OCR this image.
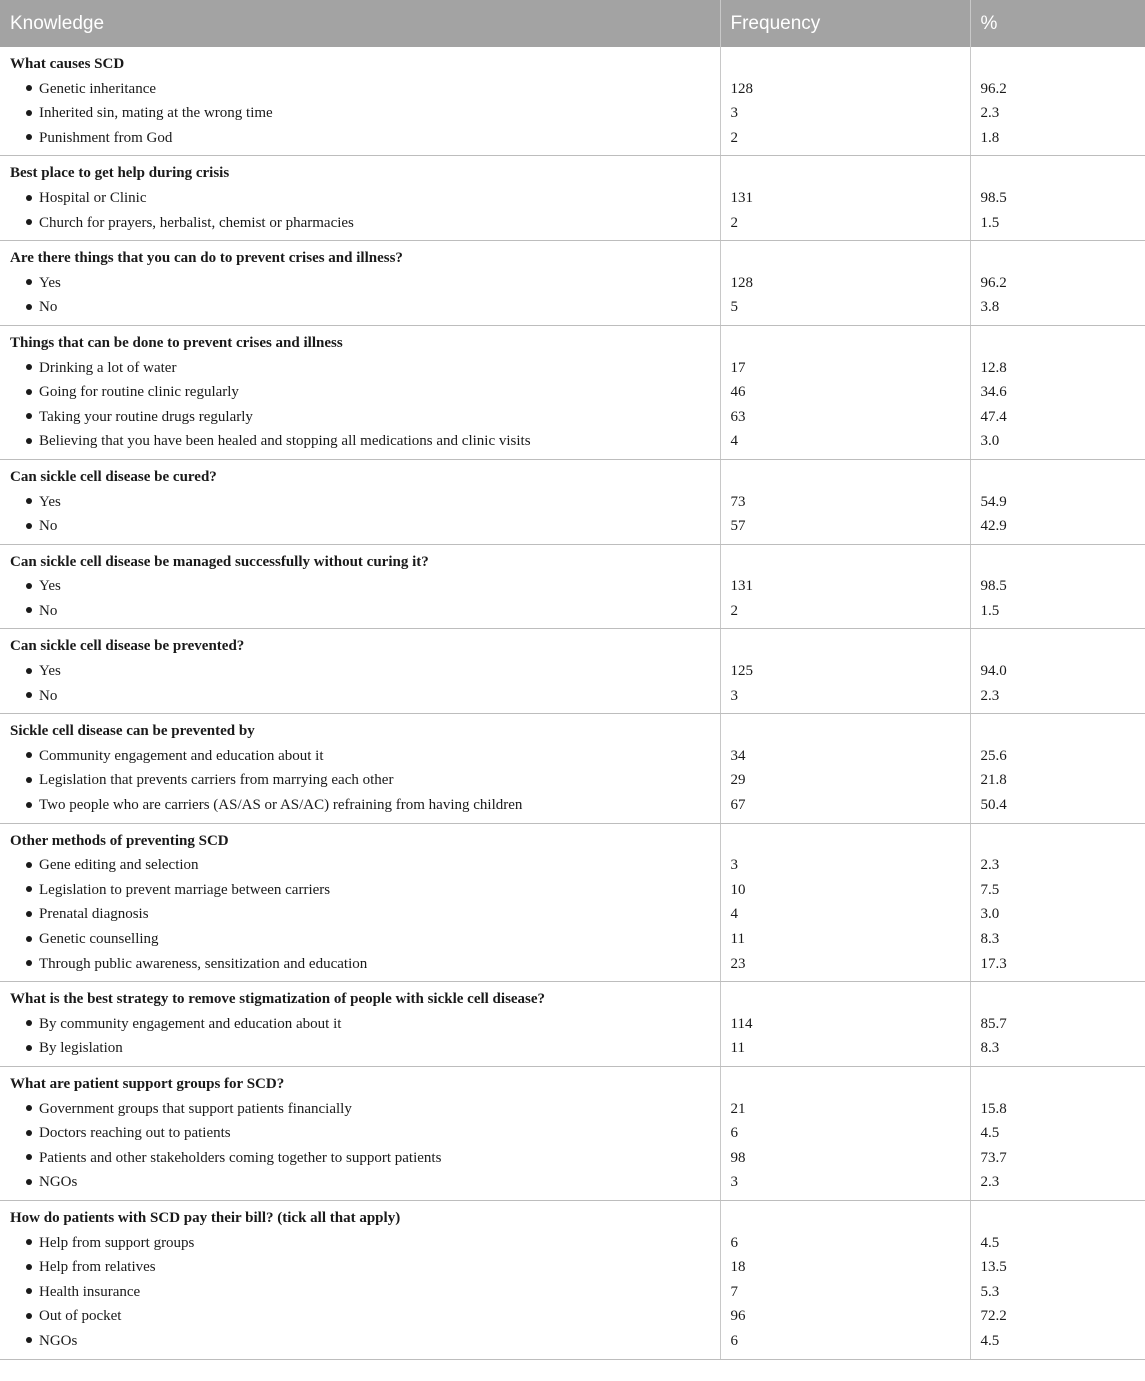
Knowledge	Frequency	%
What causes SCD		
Genetic inheritance	128	96.2
Inherited sin, mating at the wrong time	3	2.3
Punishment from God	2	1.8
Best place to get help during crisis		
Hospital or Clinic	131	98.5
Church for prayers, herbalist, chemist or pharmacies	2	1.5
Are there things that you can do to prevent crises and illness?		
Yes	128	96.2
No	5	3.8
Things that can be done to prevent crises and illness		
Drinking a lot of water	17	12.8
Going for routine clinic regularly	46	34.6
Taking your routine drugs regularly	63	47.4
Believing that you have been healed and stopping all medications and clinic visits	4	3.0
Can sickle cell disease be cured?		
Yes	73	54.9
No	57	42.9
Can sickle cell disease be managed successfully without curing it?		
Yes	131	98.5
No	2	1.5
Can sickle cell disease be prevented?		
Yes	125	94.0
No	3	2.3
Sickle cell disease can be prevented by		
Community engagement and education about it	34	25.6
Legislation that prevents carriers from marrying each other	29	21.8
Two people who are carriers (AS/AS or AS/AC) refraining from having children	67	50.4
Other methods of preventing SCD		
Gene editing and selection	3	2.3
Legislation to prevent marriage between carriers	10	7.5
Prenatal diagnosis	4	3.0
Genetic counselling	11	8.3
Through public awareness, sensitization and education	23	17.3
What is the best strategy to remove stigmatization of people with sickle cell disease?		
By community engagement and education about it	114	85.7
By legislation	11	8.3
What are patient support groups for SCD?		
Government groups that support patients financially	21	15.8
Doctors reaching out to patients	6	4.5
Patients and other stakeholders coming together to support patients	98	73.7
NGOs	3	2.3
How do patients with SCD pay their bill? (tick all that apply)		
Help from support groups	6	4.5
Help from relatives	18	13.5
Health insurance	7	5.3
Out of pocket	96	72.2
NGOs	6	4.5
